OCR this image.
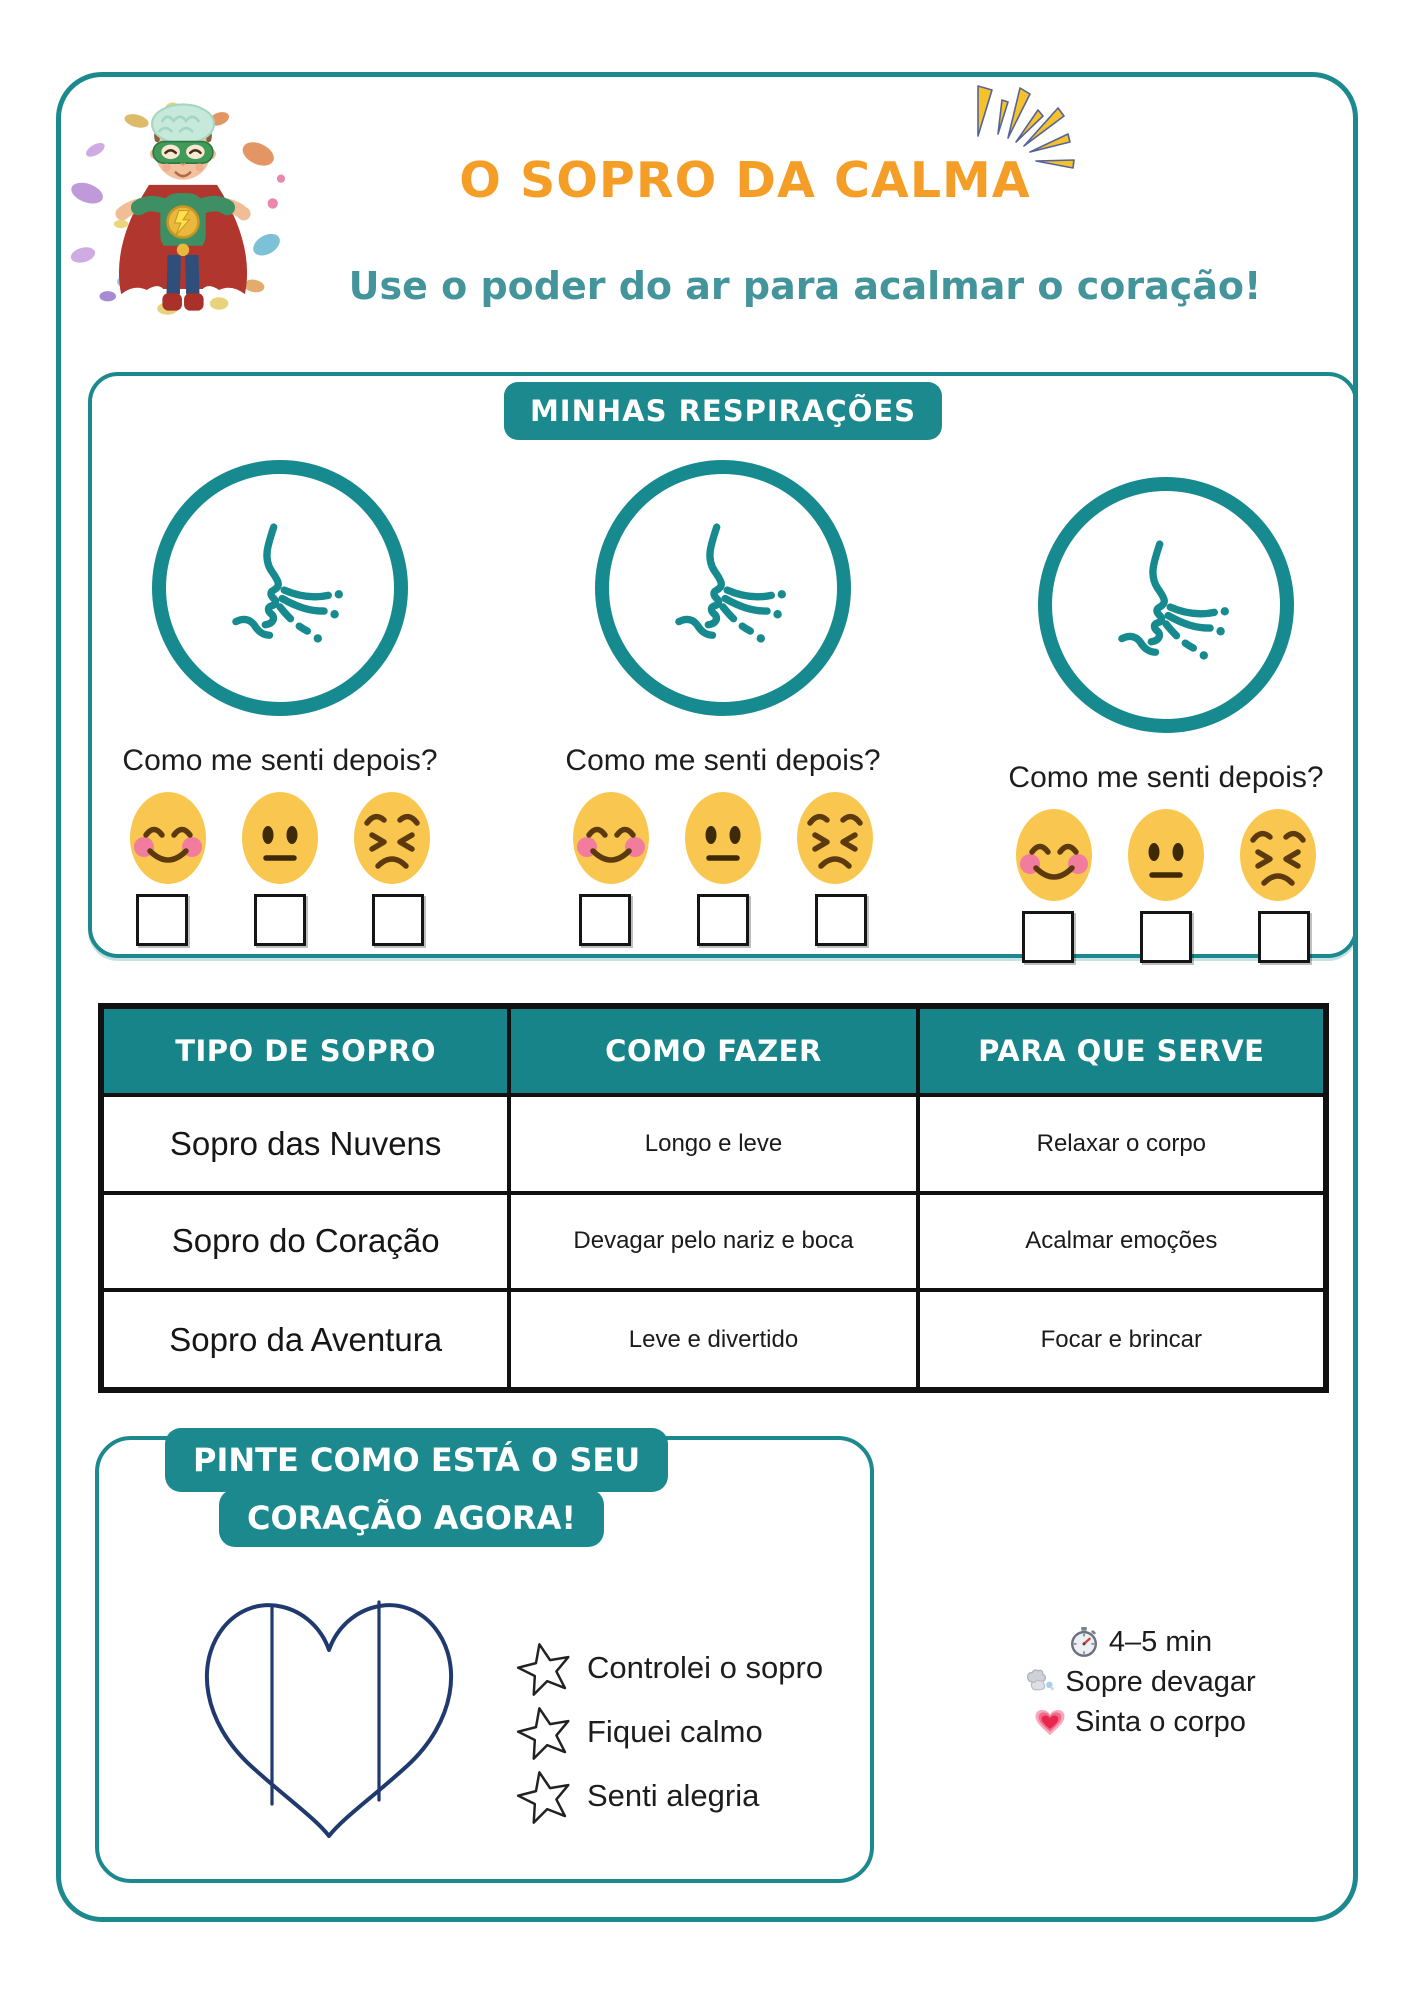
O SOPRO DA CALMA
Use o poder do ar para acalmar o coração!
MINHAS RESPIRAÇÕES
Como me senti depois?	Como me senti depois?
Como me senti depois?
TIPO DE SOPRO	COMO FAZER	PARA QUE SERVE
Sopro das Nuvens	Longo e leve	Relaxar o corpo
Sopro do Coração	Devagar pelo nariz e boca	Acalmar emoções
Sopro da Aventura	Leve e divertido	Focar e brincar
PINTE COMO ESTÁ O SEU
CORAÇÃO AGORA!
Controlei o sopro
Fiquei calmo
Senti alegria
4–5 min
Sopre devagar
Sinta o corpo
